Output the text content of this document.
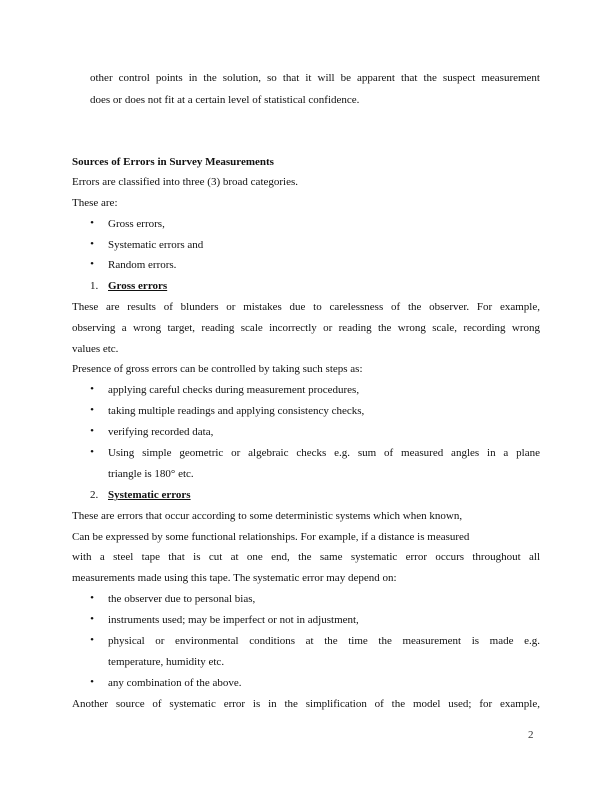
other control points in the solution, so that it will be apparent that the suspect measurement
does or does not fit at a certain level of statistical confidence.
Sources of Errors in Survey Measurements
Errors are classified into three (3) broad categories.
These are:
• Gross errors,
• Systematic errors and
• Random errors.
1. Gross errors
These are results of blunders or mistakes due to carelessness of the observer. For example,
observing a wrong target, reading scale incorrectly or reading the wrong scale, recording wrong
values etc.
Presence of gross errors can be controlled by taking such steps as:
• applying careful checks during measurement procedures,
• taking multiple readings and applying consistency checks,
• verifying recorded data,
• Using simple geometric or algebraic checks e.g. sum of measured angles in a plane
triangle is 180° etc.
2. Systematic errors
These are errors that occur according to some deterministic systems which when known,
Can be expressed by some functional relationships. For example, if a distance is measured
with a steel tape that is cut at one end, the same systematic error occurs throughout all
measurements made using this tape. The systematic error may depend on:
• the observer due to personal bias,
• instruments used; may be imperfect or not in adjustment,
• physical or environmental conditions at the time the measurement is made e.g.
temperature, humidity etc.
• any combination of the above.
Another source of systematic error is in the simplification of the model used; for example,
2
